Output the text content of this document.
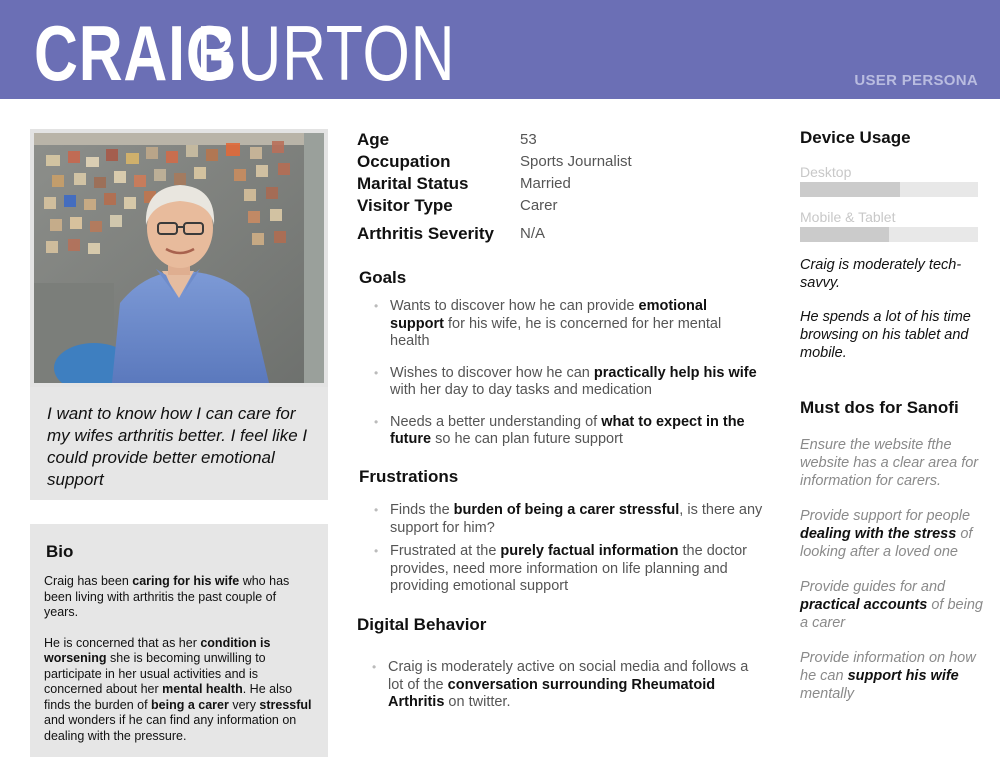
CRAIG
BURTON	USER PERSONA
I want to know how I can care for my wifes arthritis better. I feel like I could provide better emotional support
Bio

Craig has been caring for his wife who has been living with arthritis the past couple of years.

He is concerned that as her condition is worsening she is becoming unwilling to participate in her usual activities and is concerned about her mental health. He also finds the burden of being a carer very stressful and wonders if he can find any information on dealing with the pressure.

Age	53
Occupation	Sports Journalist
Marital Status	Married
Visitor Type	Carer
Arthritis Severity N/A
Goals
• Wants to discover how he can provide emotional support for his wife, he is concerned for her mental health
• Wishes to discover how he can practically help his wife with her day to day tasks and medication
• Needs a better understanding of what to expect in the future so he can plan future support
Frustrations
• Finds the burden of being a carer stressful, is there any support for him?
• Frustrated at the purely factual information the doctor provides, need more information on life planning and providing emotional support
Digital Behavior
• Craig is moderately active on social media and follows a lot of the conversation surrounding Rheumatoid Arthritis on twitter.
Device Usage
Desktop
Mobile & Tablet
Craig is moderately tech-savvy.
He spends a lot of his time browsing on his tablet and mobile.
Must dos for Sanofi
Ensure the website fthe website has a clear area for information for carers.
Provide support for people dealing with the stress of looking after a loved one
Provide guides for and practical accounts of being a carer
Provide information on how he can support his wife mentally
